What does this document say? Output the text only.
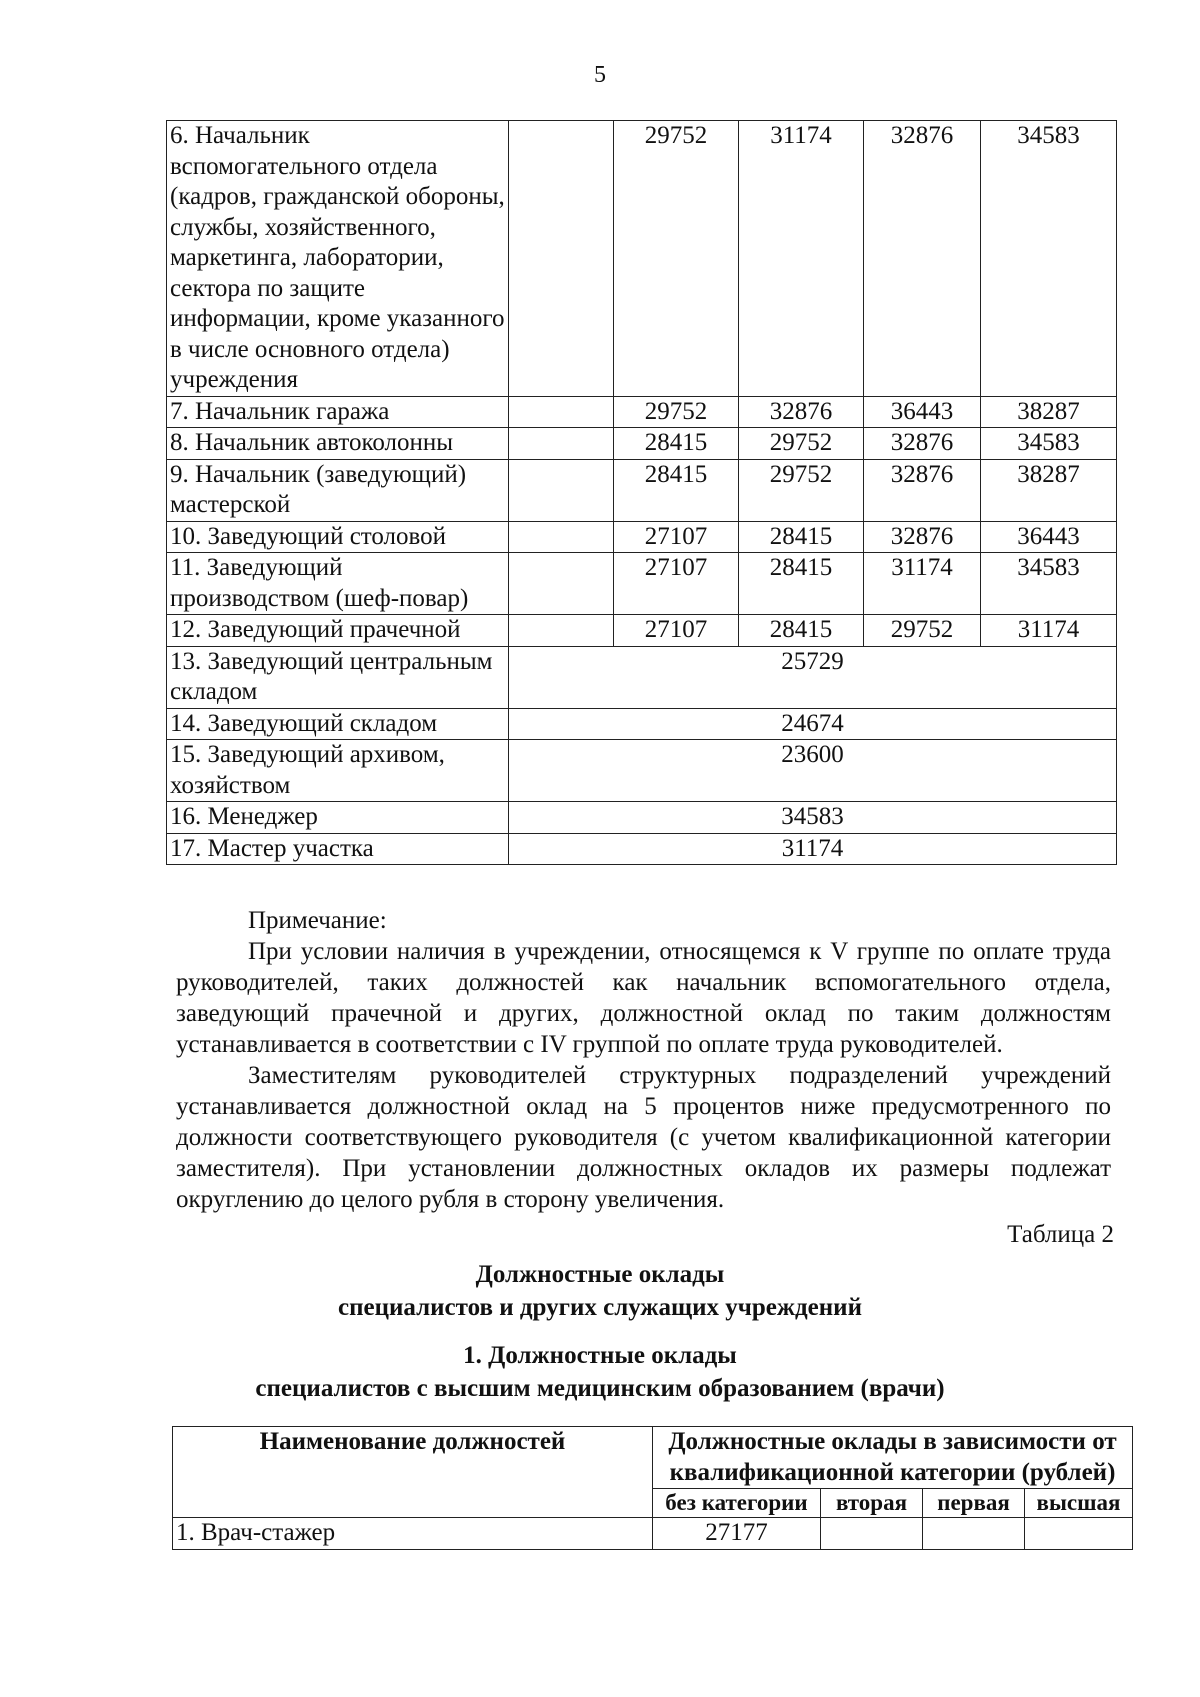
5
6. Начальник вспомогательного отдела (кадров, гражданской обороны, службы, хозяйственного, маркетинга, лаборатории, сектора по защите информации, кроме указанного в числе основного отдела) учреждения		29752	31174	32876	34583
7. Начальник гаража		29752	32876	36443	38287
8. Начальник автоколонны		28415	29752	32876	34583
9. Начальник (заведующий) мастерской		28415	29752	32876	38287
10. Заведующий столовой		27107	28415	32876	36443
11. Заведующий производством (шеф-повар)		27107	28415	31174	34583
12. Заведующий прачечной		27107	28415	29752	31174
13. Заведующий центральным складом	25729				
14. Заведующий складом	24674				
15. Заведующий архивом, хозяйством	23600				
16. Менеджер	34583				
17. Мастер участка	31174				

Примечание:

При условии наличия в учреждении, относящемся к V группе по оплате труда руководителей, таких должностей как начальник вспомогательного отдела, заведующий прачечной и других, должностной оклад по таким должностям устанавливается в соответствии с IV группой по оплате труда руководителей.

Заместителям руководителей структурных подразделений учреждений устанавливается должностной оклад на 5 процентов ниже предусмотренного по должности соответствующего руководителя (с учетом квалификационной категории заместителя). При установлении должностных окладов их размеры подлежат округлению до целого рубля в сторону увеличения.

Таблица 2
Должностные оклады
специалистов и других служащих учреждений
1. Должностные оклады
специалистов с высшим медицинским образованием (врачи)
Наименование должностей	Должностные оклады в зависимости от квалификационной категории (рублей)			
	без категории	вторая	первая	высшая
1. Врач-стажер	27177			
